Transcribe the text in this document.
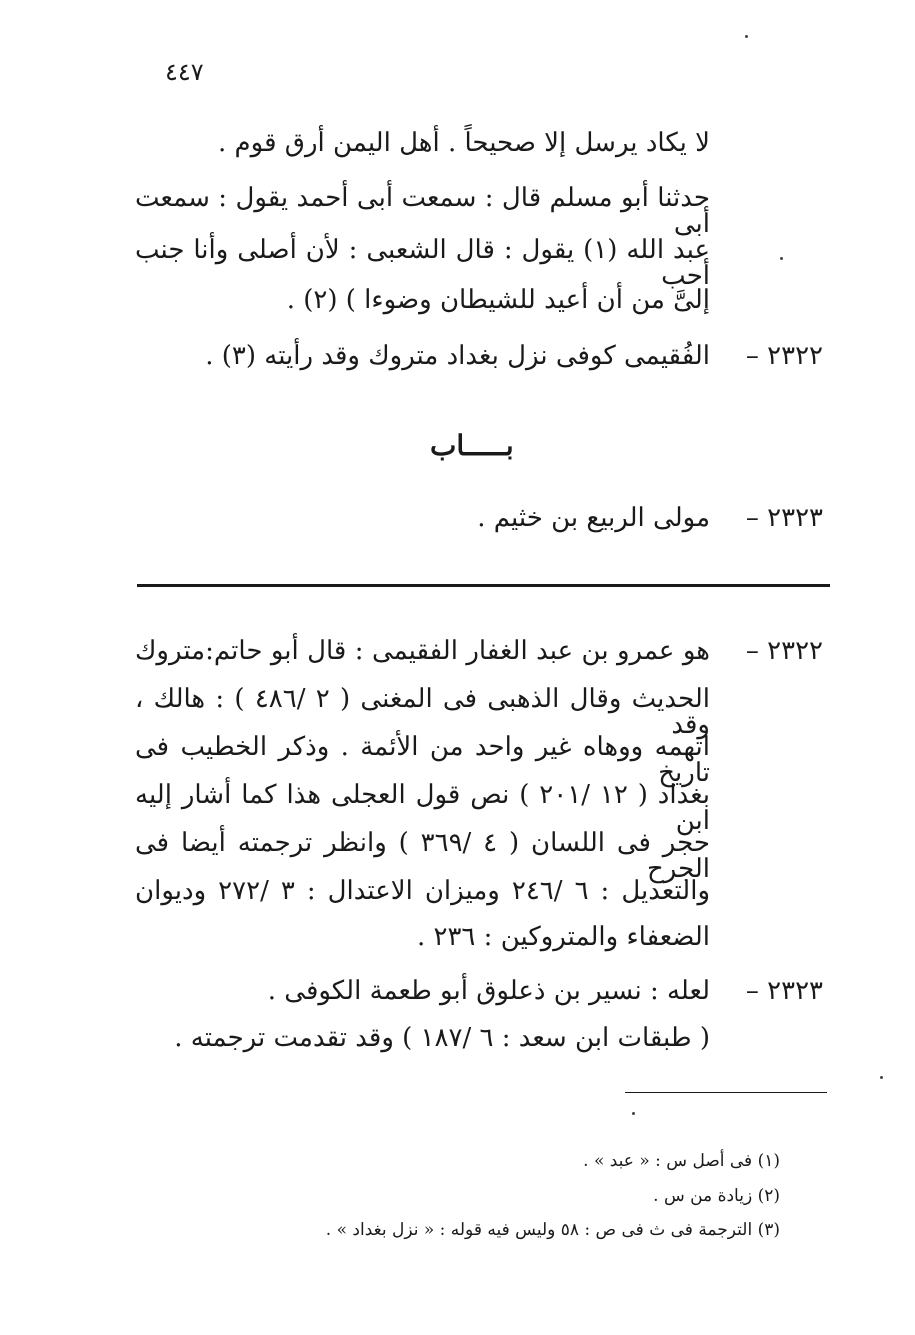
٤٤٧
لا يكاد يرسل إلا صحيحاً . أهل اليمن أرق قوم .
حدثنا أبو مسلم قال : سمعت أبى أحمد يقول : سمعت أبى
عبد الله (١) يقول : قال الشعبى : لأن أصلى وأنا جنب أحب
إلىَّ من أن أعيد للشيطان وضوءا ) (٢) .
٢٣٢٢ –
الفُقيمى كوفى نزل بغداد متروك وقد رأيته (٣) .
بـــــاب
٢٣٢٣ –
مولى الربيع بن خثيم .
٢٣٢٢ –
هو عمرو بن عبد الغفار الفقيمى : قال أبو حاتم:متروك
الحديث وقال الذهبى فى المغنى ( ٢ /٤٨٦ ) : هالك ، وقد
اتهمه ووهاه غير واحد من الأئمة . وذكر الخطيب فى تاريخ
بغداد ( ١٢ /٢٠١ ) نص قول العجلى هذا كما أشار إليه ابن
حجر فى اللسان ( ٤ /٣٦٩ ) وانظر ترجمته أيضا فى الجرح
والتعديل : ٦ /٢٤٦ وميزان الاعتدال : ٣ /٢٧٢ وديوان
الضعفاء والمتروكين : ٢٣٦ .
٢٣٢٣ –
لعله : نسير بن ذعلوق أبو طعمة الكوفى .
( طبقات ابن سعد : ٦ /١٨٧ ) وقد تقدمت ترجمته .
(١) فى أصل س : « عبد » .
(٢) زيادة من س .
(٣) الترجمة فى ث فى ص : ٥٨ وليس فيه قوله : « نزل بغداد » .
